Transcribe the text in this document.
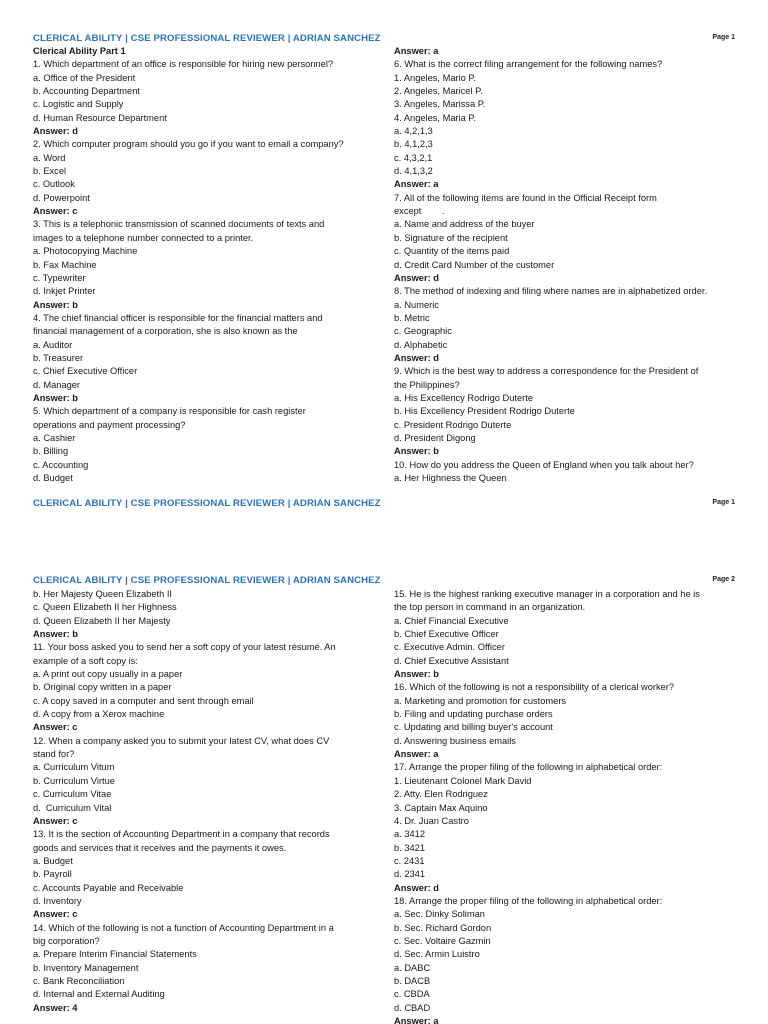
CLERICAL ABILITY | CSE PROFESSIONAL REVIEWER | ADRIAN SANCHEZ	Page 1
Clerical Ability Part 1
1. Which department of an office is responsible for hiring new personnel?
a. Office of the President
b. Accounting Department
c. Logistic and Supply
d. Human Resource Department
Answer: d
2. Which computer program should you go if you want to email a company?
a. Word
b. Excel
c. Outlook
d. Powerpoint
Answer: c
3. This is a telephonic transmission of scanned documents of texts and
images to a telephone number connected to a printer.
a. Photocopying Machine
b. Fax Machine
c. Typewriter
d. Inkjet Printer
Answer: b
4. The chief financial officer is responsible for the financial matters and
financial management of a corporation, she is also known as the
a. Auditor
b. Treasurer
c. Chief Executive Officer
d. Manager
Answer: b
5. Which department of a company is responsible for cash register
operations and payment processing?
a. Cashier
b. Billing
c. Accounting
d. Budget
Answer: a
6. What is the correct filing arrangement for the following names?
1. Angeles, Mario P.
2. Angeles, Maricel P.
3. Angeles, Marissa P.
4. Angeles, Maria P.
a. 4,2,1,3
b. 4,1,2,3
c. 4,3,2,1
d. 4,1,3,2
Answer: a
7. All of the following items are found in the Official Receipt form
except        .
a. Name and address of the buyer
b. Signature of the recipient
c. Quantity of the items paid
d. Credit Card Number of the customer
Answer: d
8. The method of indexing and filing where names are in alphabetized order.
a. Numeric
b. Metric
c. Geographic
d. Alphabetic
Answer: d
9. Which is the best way to address a correspondence for the President of
the Philippines?
a. His Excellency Rodrigo Duterte
b. His Excellency President Rodrigo Duterte
c. President Rodrigo Duterte
d. President Digong
Answer: b
10. How do you address the Queen of England when you talk about her?
a. Her Highness the Queen
CLERICAL ABILITY | CSE PROFESSIONAL REVIEWER | ADRIAN SANCHEZ	Page 1
CLERICAL ABILITY | CSE PROFESSIONAL REVIEWER | ADRIAN SANCHEZ	Page 2
b. Her Majesty Queen Elizabeth II
c. Queen Elizabeth II her Highness
d. Queen Elizabeth II her Majesty
Answer: b
11. Your boss asked you to send her a soft copy of your latest résumé. An
example of a soft copy is:
a. A print out copy usually in a paper
b. Original copy written in a paper
c. A copy saved in a computer and sent through email
d. A copy from a Xerox machine
Answer: c
12. When a company asked you to submit your latest CV, what does CV
stand for?
a. Curriculum Vitum
b. Curriculum Virtue
c. Curriculum Vitae
d.  Curriculum Vital
Answer: c
13. It is the section of Accounting Department in a company that records
goods and services that it receives and the payments it owes.
a. Budget
b. Payroll
c. Accounts Payable and Receivable
d. Inventory
Answer: c
14. Which of the following is not a function of Accounting Department in a
big corporation?
a. Prepare Interim Financial Statements
b. Inventory Management
c. Bank Reconciliation
d. Internal and External Auditing
Answer: 4
15. He is the highest ranking executive manager in a corporation and he is
the top person in command in an organization.
a. Chief Financial Executive
b. Chief Executive Officer
c. Executive Admin. Officer
d. Chief Executive Assistant
Answer: b
16. Which of the following is not a responsibility of a clerical worker?
a. Marketing and promotion for customers
b. Filing and updating purchase orders
c. Updating and billing buyer's account
d. Answering business emails
Answer: a
17. Arrange the proper filing of the following in alphabetical order:
1. Lieutenant Colonel Mark David
2. Atty. Elen Rodriguez
3. Captain Max Aquino
4. Dr. Juan Castro
a. 3412
b. 3421
c. 2431
d. 2341
Answer: d
18. Arrange the proper filing of the following in alphabetical order:
a. Sec. Dinky Soliman
b. Sec. Richard Gordon
c. Sec. Voltaire Gazmin
d. Sec. Armin Luistro
a. DABC
b. DACB
c. CBDA
d. CBAD
Answer: a
